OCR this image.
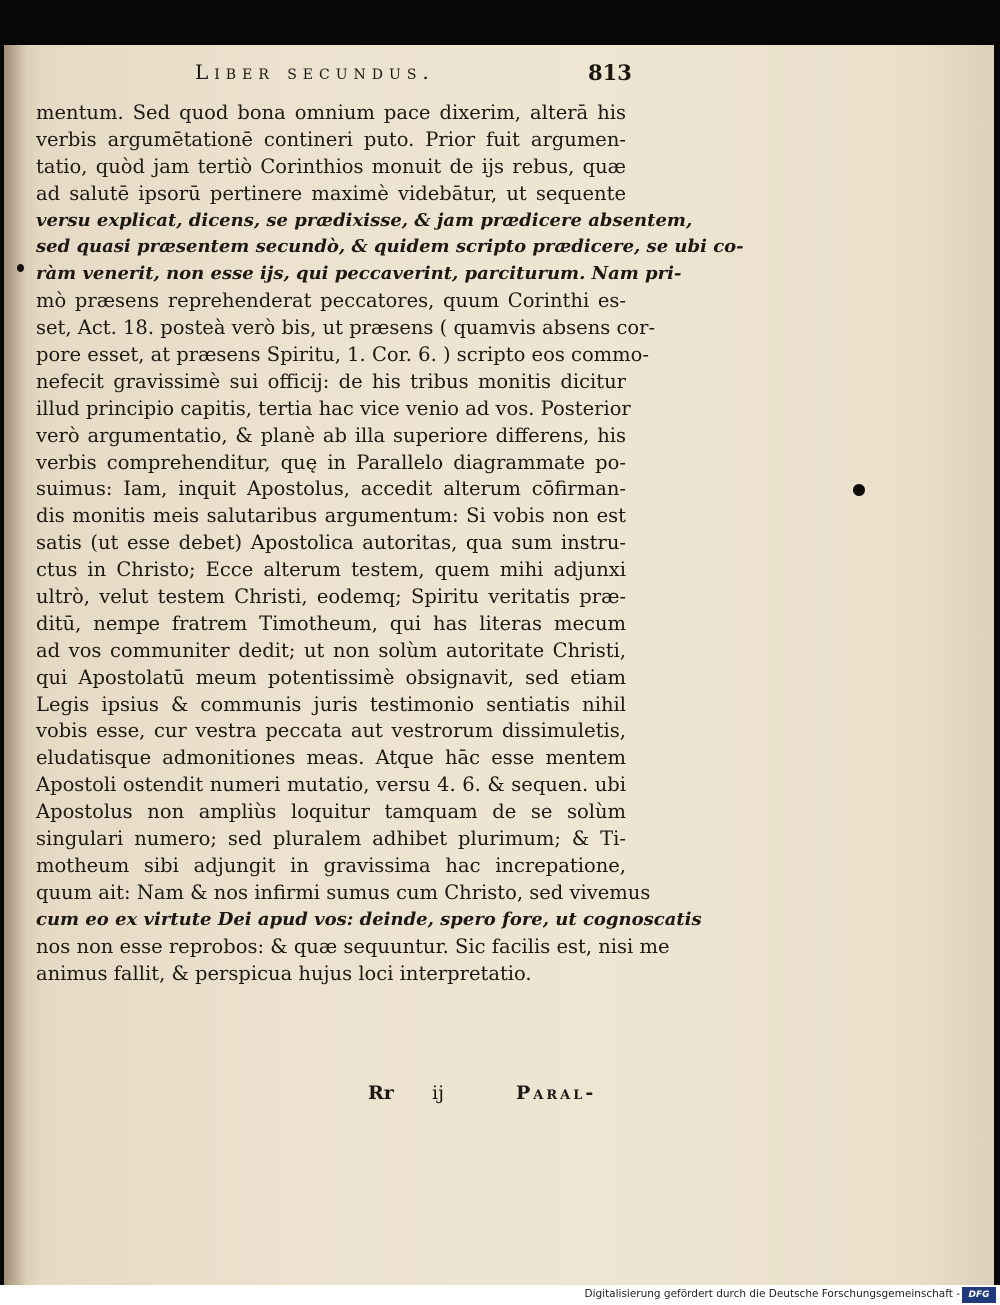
Liber secundus.	813
mentum. Sed quod bona omnium pace dixerim, alterā his
verbis argumētationē contineri puto. Prior fuit argumen-
tatio, quòd jam tertiò Corinthios monuit de ijs rebus, quæ
ad salutē ipsorū pertinere maximè videbātur, ut sequente
versu explicat, dicens, se prædixisse, & jam prædicere absentem,
sed quasi præsentem secundò, & quidem scripto prædicere, se ubi co-
ràm venerit, non esse ijs, qui peccaverint, parciturum. Nam pri-
mò præsens reprehenderat peccatores, quum Corinthi es-
set, Act. 18. posteà verò bis, ut præsens ( quamvis absens cor-
pore esset, at præsens Spiritu, 1. Cor. 6. ) scripto eos commo-
nefecit gravissimè sui officij: de his tribus monitis dicitur
illud principio capitis, tertia hac vice venio ad vos. Posterior
verò argumentatio, & planè ab illa superiore differens, his
verbis comprehenditur, quę in Parallelo diagrammate po-
suimus: Iam, inquit Apostolus, accedit alterum cōfirman-
dis monitis meis salutaribus argumentum: Si vobis non est
satis (ut esse debet) Apostolica autoritas, qua sum instru-
ctus in Christo; Ecce alterum testem, quem mihi adjunxi
ultrò, velut testem Christi, eodemq; Spiritu veritatis præ-
ditū, nempe fratrem Timotheum, qui has literas mecum
ad vos communiter dedit; ut non solùm autoritate Christi,
qui Apostolatū meum potentissimè obsignavit, sed etiam
Legis ipsius & communis juris testimonio sentiatis nihil
vobis esse, cur vestra peccata aut vestrorum dissimuletis,
eludatisque admonitiones meas. Atque hāc esse mentem
Apostoli ostendit numeri mutatio, versu 4. 6. & sequen. ubi
Apostolus non ampliùs loquitur tamquam de se solùm
singulari numero; sed pluralem adhibet plurimum; & Ti-
motheum sibi adjungit in gravissima hac increpatione,
quum ait: Nam & nos infirmi sumus cum Christo, sed vivemus
cum eo ex virtute Dei apud vos: deinde, spero fore, ut cognoscatis
nos non esse reprobos: & quæ sequuntur. Sic facilis est, nisi me
animus fallit, & perspicua hujus loci interpretatio.
Rr ij	Paral-
Digitalisierung gefördert durch die Deutsche Forschungsgemeinschaft - DFG
